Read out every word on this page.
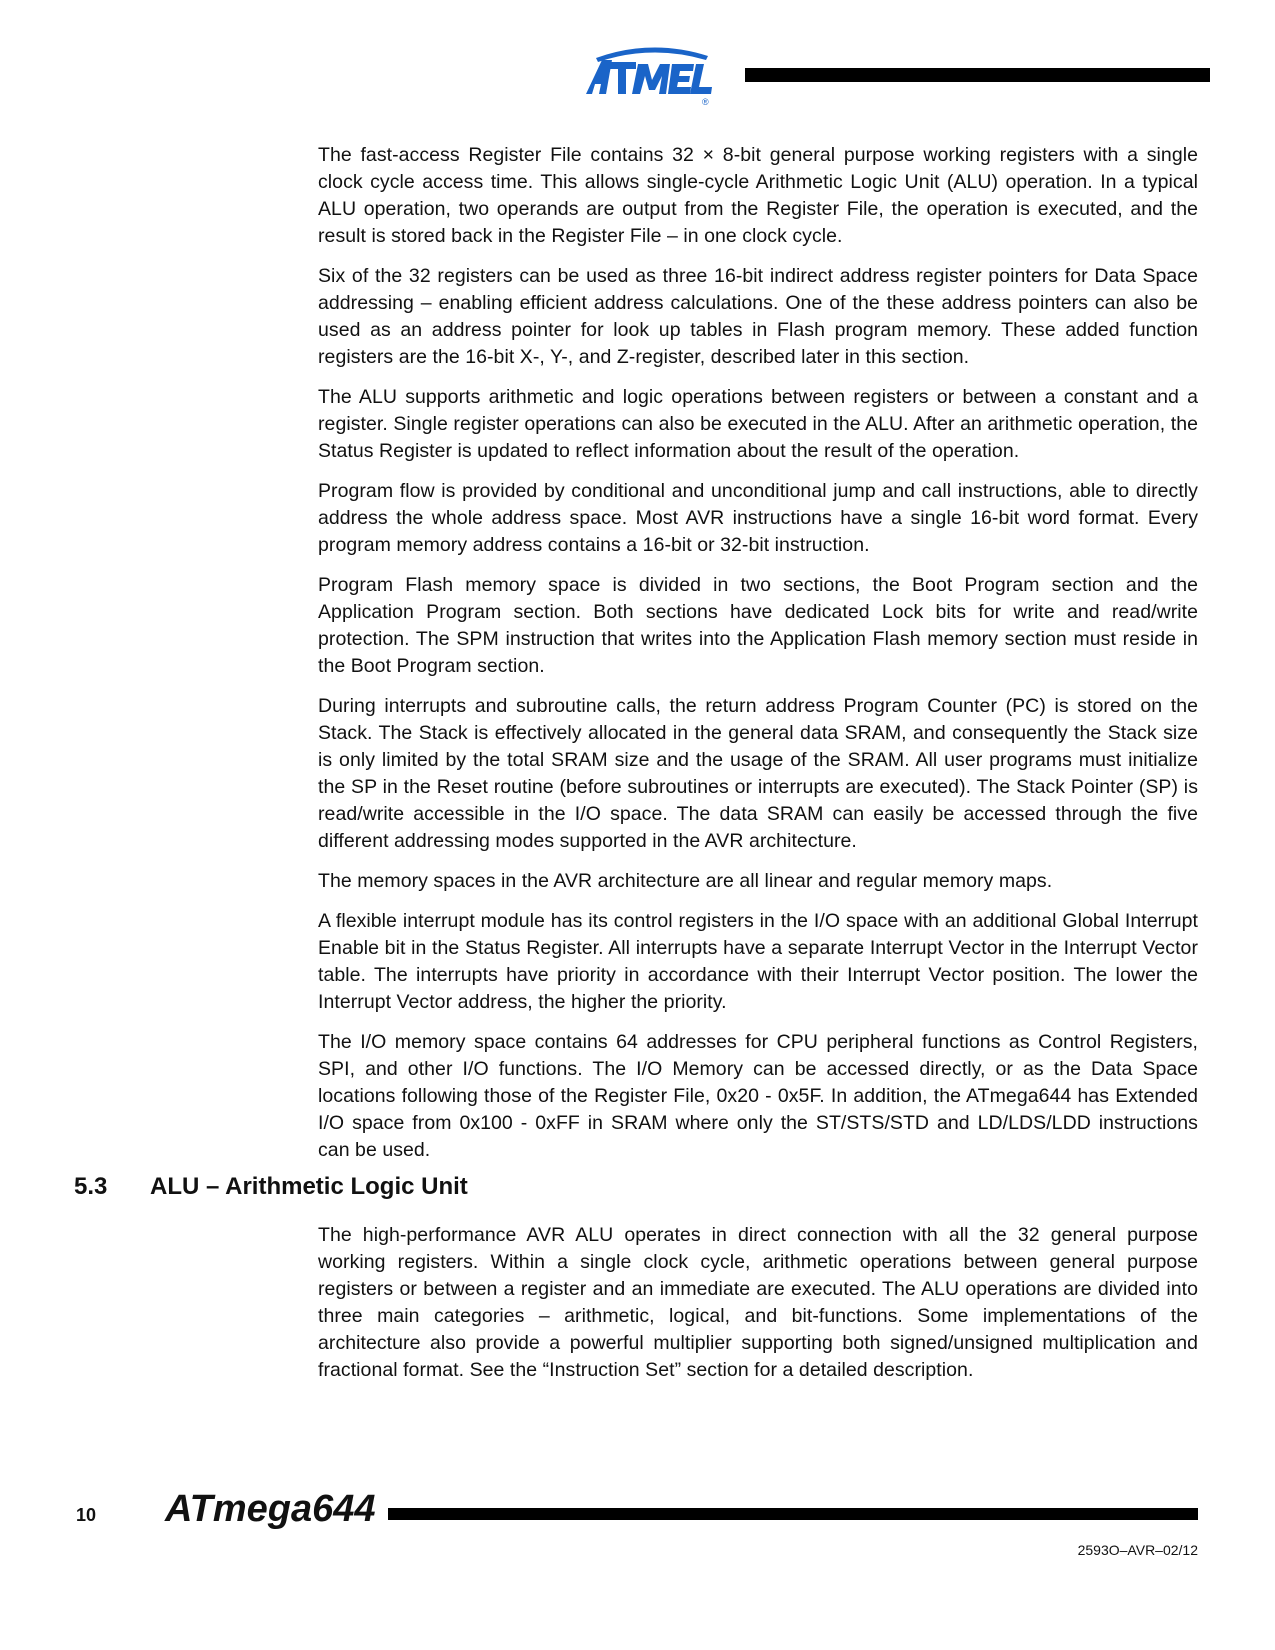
®

The fast-access Register File contains 32 × 8-bit general purpose working registers with a single clock cycle access time. This allows single-cycle Arithmetic Logic Unit (ALU) operation. In a typical ALU operation, two operands are output from the Register File, the operation is executed, and the result is stored back in the Register File – in one clock cycle.

Six of the 32 registers can be used as three 16-bit indirect address register pointers for Data Space addressing – enabling efficient address calculations. One of the these address pointers can also be used as an address pointer for look up tables in Flash program memory. These added function registers are the 16-bit X-, Y-, and Z-register, described later in this section.

The ALU supports arithmetic and logic operations between registers or between a constant and a register. Single register operations can also be executed in the ALU. After an arithmetic operation, the Status Register is updated to reflect information about the result of the operation.

Program flow is provided by conditional and unconditional jump and call instructions, able to directly address the whole address space. Most AVR instructions have a single 16-bit word format. Every program memory address contains a 16-bit or 32-bit instruction.

Program Flash memory space is divided in two sections, the Boot Program section and the Application Program section. Both sections have dedicated Lock bits for write and read/write protection. The SPM instruction that writes into the Application Flash memory section must reside in the Boot Program section.

During interrupts and subroutine calls, the return address Program Counter (PC) is stored on the Stack. The Stack is effectively allocated in the general data SRAM, and consequently the Stack size is only limited by the total SRAM size and the usage of the SRAM. All user programs must initialize the SP in the Reset routine (before subroutines or interrupts are executed). The Stack Pointer (SP) is read/write accessible in the I/O space. The data SRAM can easily be accessed through the five different addressing modes supported in the AVR architecture.

The memory spaces in the AVR architecture are all linear and regular memory maps.

A flexible interrupt module has its control registers in the I/O space with an additional Global Interrupt Enable bit in the Status Register. All interrupts have a separate Interrupt Vector in the Interrupt Vector table. The interrupts have priority in accordance with their Interrupt Vector position. The lower the Interrupt Vector address, the higher the priority.

The I/O memory space contains 64 addresses for CPU peripheral functions as Control Registers, SPI, and other I/O functions. The I/O Memory can be accessed directly, or as the Data Space locations following those of the Register File, 0x20 - 0x5F. In addition, the ATmega644 has Extended I/O space from 0x100 - 0xFF in SRAM where only the ST/STS/STD and LD/LDS/LDD instructions can be used.

5.3 ALU – Arithmetic Logic Unit

The high-performance AVR ALU operates in direct connection with all the 32 general purpose working registers. Within a single clock cycle, arithmetic operations between general purpose registers or between a register and an immediate are executed. The ALU operations are divided into three main categories – arithmetic, logical, and bit-functions. Some implementations of the architecture also provide a powerful multiplier supporting both signed/unsigned multiplication and fractional format. See the “Instruction Set” section for a detailed description.

10 ATmega644
2593O–AVR–02/12
